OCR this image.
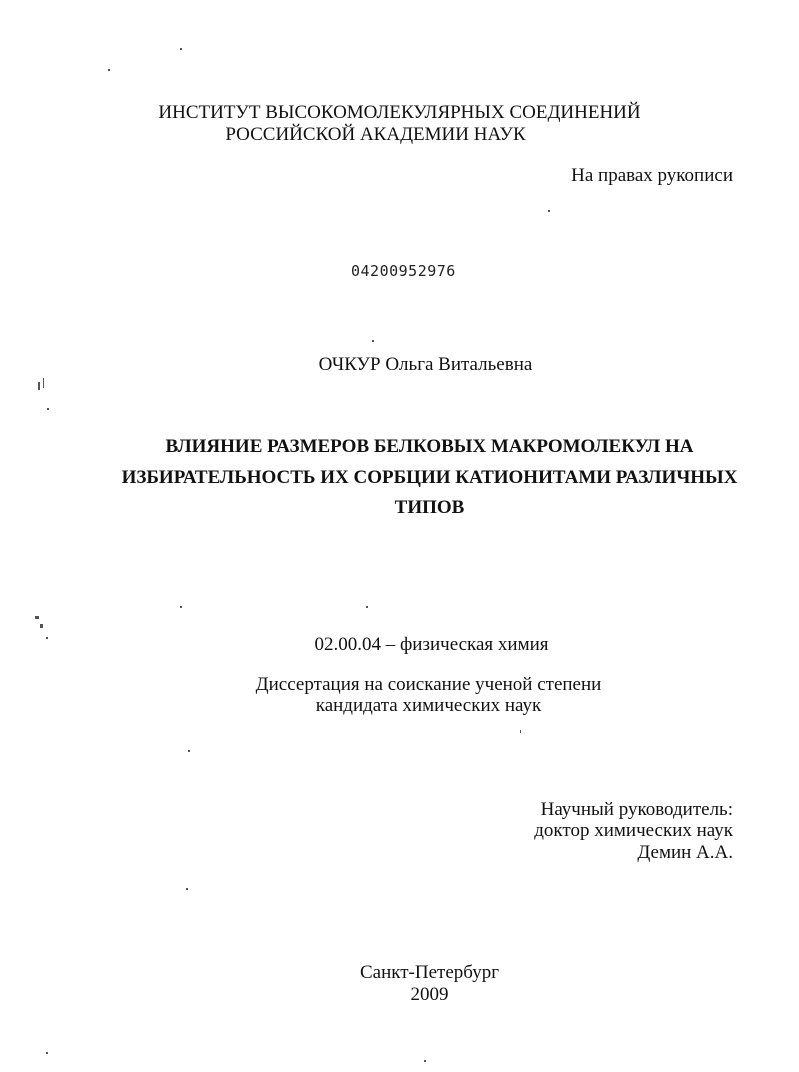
ИНСТИТУТ ВЫСОКОМОЛЕКУЛЯРНЫХ СОЕДИНЕНИЙ
РОССИЙСКОЙ АКАДЕМИИ НАУК
На правах рукописи
04200952976
ОЧКУР Ольга Витальевна
ВЛИЯНИЕ РАЗМЕРОВ БЕЛКОВЫХ МАКРОМОЛЕКУЛ НА
ИЗБИРАТЕЛЬНОСТЬ ИХ СОРБЦИИ КАТИОНИТАМИ РАЗЛИЧНЫХ
ТИПОВ
02.00.04 – физическая химия
Диссертация на соискание ученой степени
кандидата химических наук
Научный руководитель:
доктор химических наук
Демин А.А.
Санкт-Петербург
2009
